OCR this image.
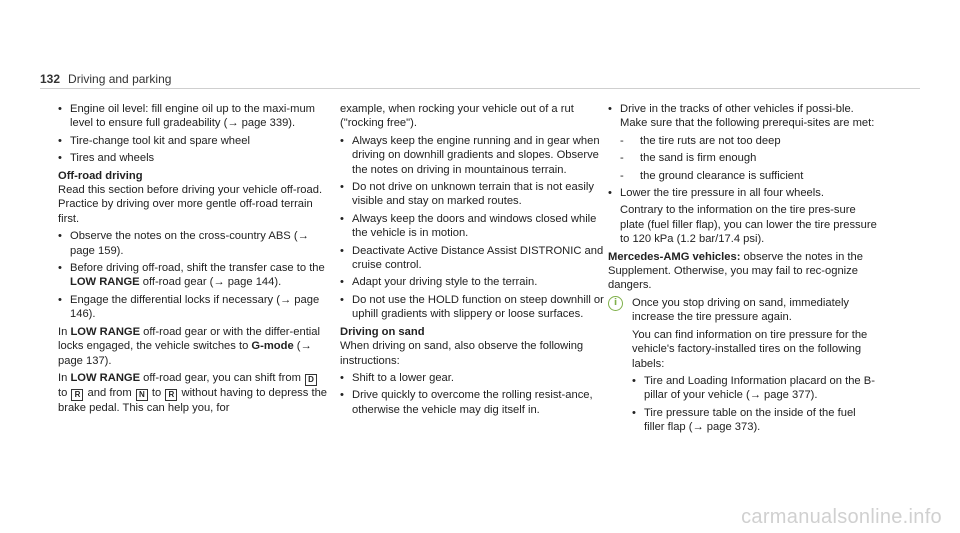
132 Driving and parking

• Engine oil level: fill engine oil up to the maxi-mum level to ensure full gradeability (→ page 339).

• Tire-change tool kit and spare wheel

• Tires and wheels

Off-road driving

Read this section before driving your vehicle off-road. Practice by driving over more gentle off-road terrain first.

• Observe the notes on the cross-country ABS (→ page 159).

• Before driving off-road, shift the transfer case to the LOW RANGE off-road gear (→ page 144).

• Engage the differential locks if necessary (→ page 146).

In LOW RANGE off-road gear or with the differ-ential locks engaged, the vehicle switches to G-mode (→ page 137).

In LOW RANGE off-road gear, you can shift from D to R and from N to R without having to depress the brake pedal. This can help you, for

example, when rocking your vehicle out of a rut ("rocking free").

• Always keep the engine running and in gear when driving on downhill gradients and slopes. Observe the notes on driving in mountainous terrain.

• Do not drive on unknown terrain that is not easily visible and stay on marked routes.

• Always keep the doors and windows closed while the vehicle is in motion.

• Deactivate Active Distance Assist DISTRONIC and cruise control.

• Adapt your driving style to the terrain.

• Do not use the HOLD function on steep downhill or uphill gradients with slippery or loose surfaces.

Driving on sand

When driving on sand, also observe the following instructions:

• Shift to a lower gear.

• Drive quickly to overcome the rolling resist-ance, otherwise the vehicle may dig itself in.

• Drive in the tracks of other vehicles if possi-ble. Make sure that the following prerequi-sites are met:

- the tire ruts are not too deep

- the sand is firm enough

- the ground clearance is sufficient

• Lower the tire pressure in all four wheels.

Contrary to the information on the tire pres-sure plate (fuel filler flap), you can lower the tire pressure to 120 kPa (1.2 bar/17.4 psi).

Mercedes-AMG vehicles: observe the notes in the Supplement. Otherwise, you may fail to rec-ognize dangers.

i	Once you stop driving on sand, immediately increase the tire pressure again.

You can find information on tire pressure for the vehicle's factory-installed tires on the following labels:

• Tire and Loading Information placard on the B-pillar of your vehicle (→ page 377).

• Tire pressure table on the inside of the fuel filler flap (→ page 373).

carmanualsonline.info
